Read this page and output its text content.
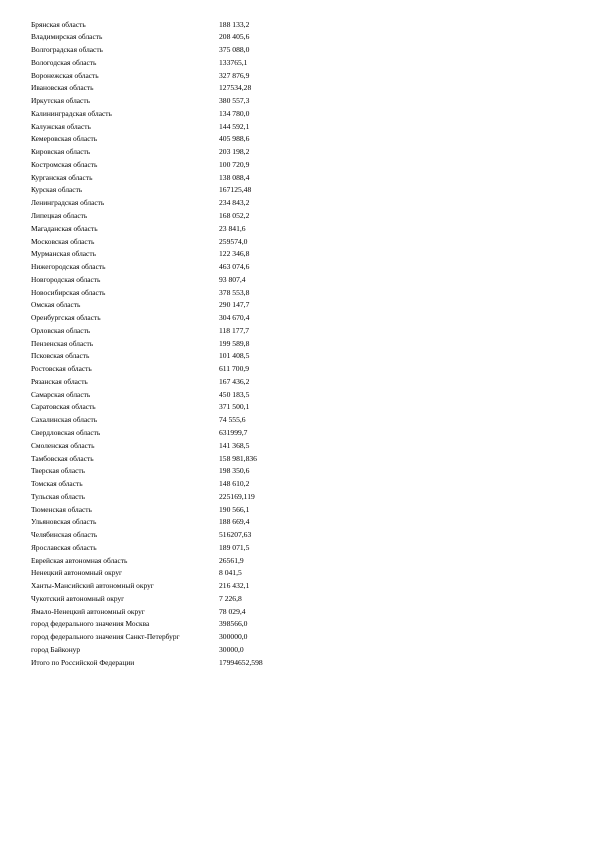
Брянская область	188 133,2
Владимирская область	208 405,6
Волгоградская область	375 088,0
Вологодская область	133765,1
Воронежская область	327 876,9
Ивановская область	127534,28
Иркутская область	380 557,3
Калининградская область	134 780,0
Калужская область	144 592,1
Кемеровская область	405 988,6
Кировская область	203 198,2
Костромская область	100 720,9
Курганская область	138 088,4
Курская область	167125,48
Ленинградская область	234 843,2
Липецкая область	168 052,2
Магаданская область	23 841,6
Московская область	259574,0
Мурманская область	122 346,8
Нижегородская область	463 074,6
Новгородская область	93 807,4
Новосибирская область	378 553,8
Омская область	290 147,7
Оренбургская область	304 670,4
Орловская область	118 177,7
Пензенская область	199 589,8
Псковская область	101 408,5
Ростовская область	611 700,9
Рязанская область	167 436,2
Самарская область	450 183,5
Саратовская область	371 500,1
Сахалинская область	74 555,6
Свердловская область	631999,7
Смоленская область	141 368,5
Тамбовская область	158 981,836
Тверская область	198 350,6
Томская область	148 610,2
Тульская область	225169,119
Тюменская область	190 566,1
Ульяновская область	188 669,4
Челябинская область	516207,63
Ярославская область	189 071,5
Еврейская автономная область	26561,9
Ненецкий автономный округ	8 041,5
Ханты-Мансийский автономный округ	216 432,1
Чукотский автономный округ	7 226,8
Ямало-Ненецкий автономный округ	78 029,4
город федерального значения Москва	398566,0
город федерального значения Санкт-Петербург	300000,0
город Байконур	30000,0
Итого по Российской Федерации	17994652,598
